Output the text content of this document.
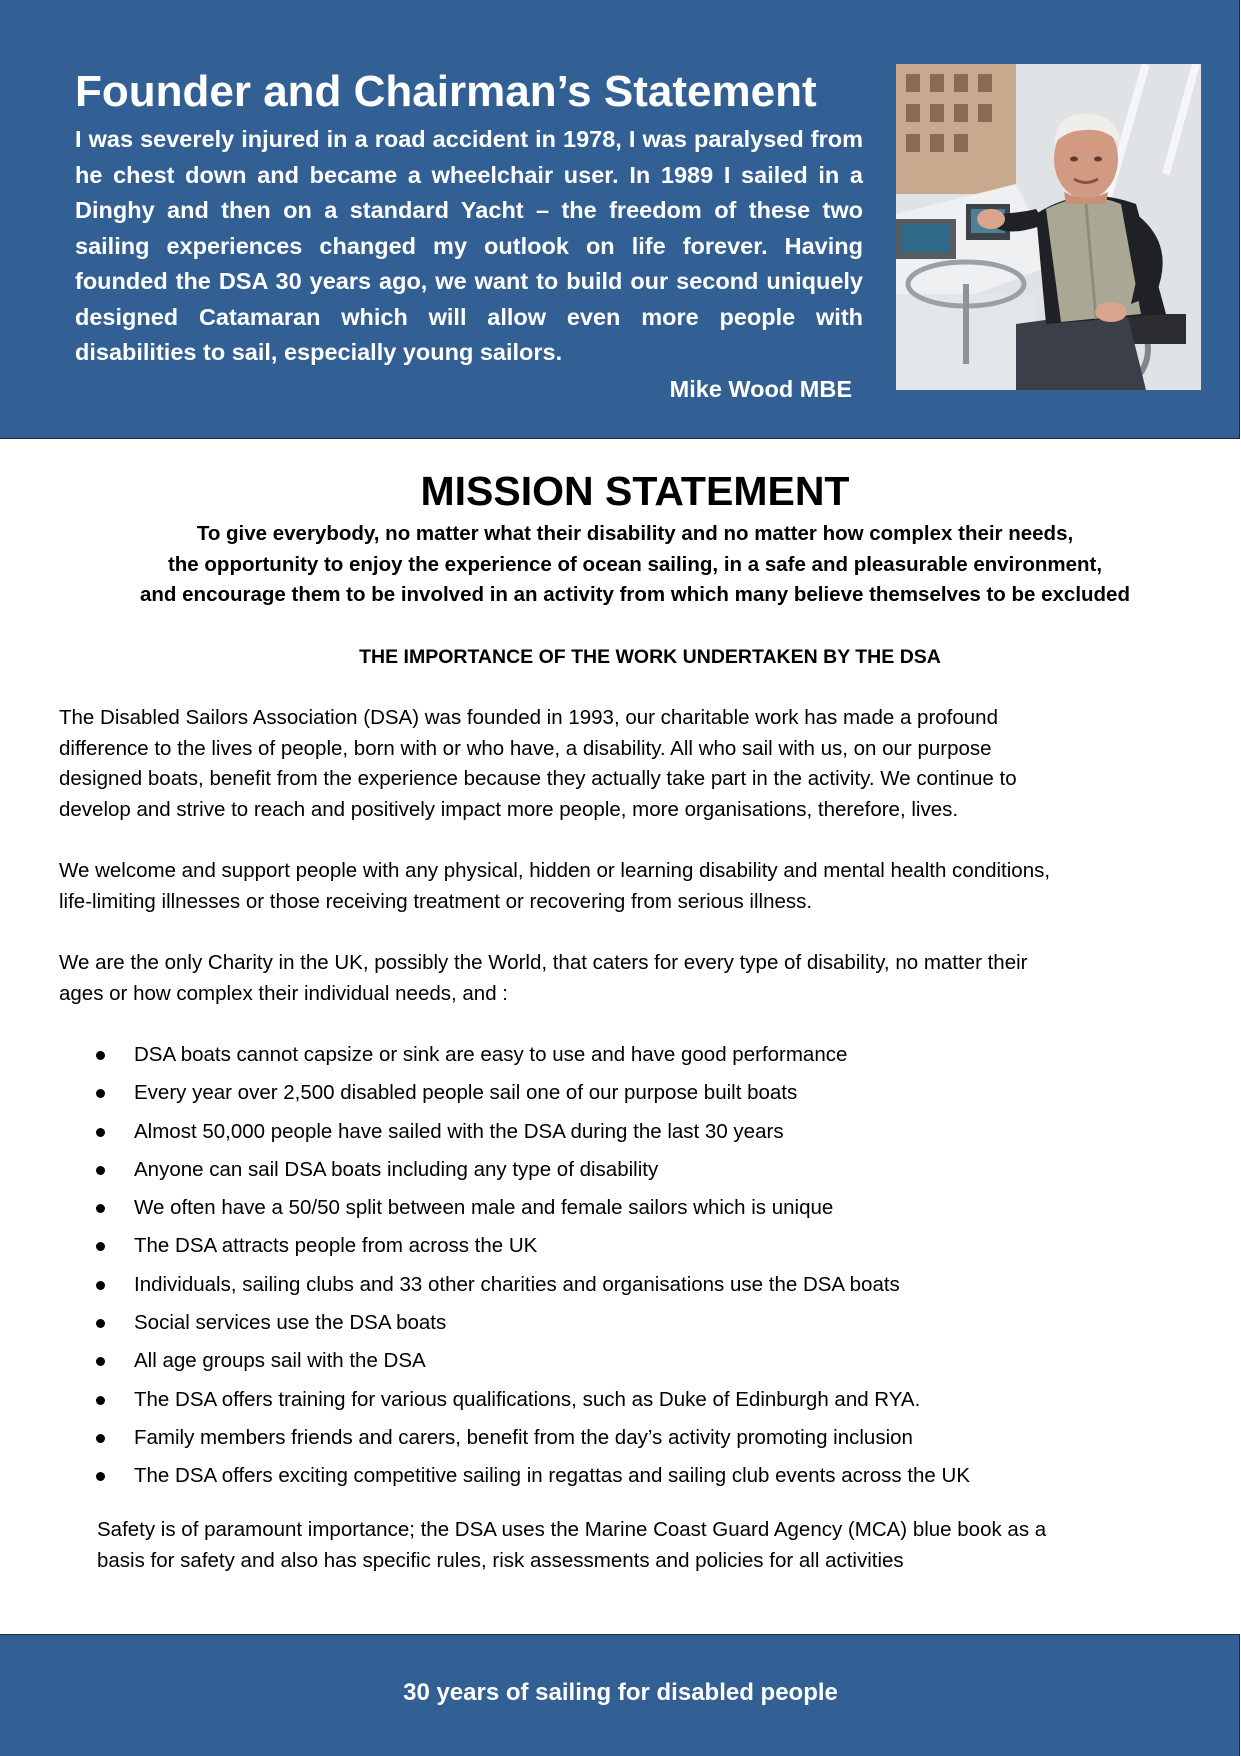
Founder and Chairman’s Statement

I was severely injured in a road accident in 1978, I was paralysed from he chest down and became a wheelchair user. In 1989 I sailed in a Dinghy and then on a standard Yacht – the freedom of these two sailing experiences changed my outlook on life forever. Having founded the DSA 30 years ago, we want to build our second uniquely designed Catamaran which will allow even more people with disabilities to sail, especially young sailors.

Mike Wood MBE
MISSION STATEMENT

To give everybody, no matter what their disability and no matter how complex their needs,
the opportunity to enjoy the experience of ocean sailing, in a safe and pleasurable environment,
and encourage them to be involved in an activity from which many believe themselves to be excluded

THE IMPORTANCE OF THE WORK UNDERTAKEN BY THE DSA

The Disabled Sailors Association (DSA) was founded in 1993, our charitable work has made a profound
difference to the lives of people, born with or who have, a disability. All who sail with us, on our purpose
designed boats, benefit from the experience because they actually take part in the activity. We continue to
develop and strive to reach and positively impact more people, more organisations, therefore, lives.

We welcome and support people with any physical, hidden or learning disability and mental health conditions,
life-limiting illnesses or those receiving treatment or recovering from serious illness.

We are the only Charity in the UK, possibly the World, that caters for every type of disability, no matter their
ages or how complex their individual needs, and :

DSA boats cannot capsize or sink are easy to use and have good performance
Every year over 2,500 disabled people sail one of our purpose built boats
Almost 50,000 people have sailed with the DSA during the last 30 years
Anyone can sail DSA boats including any type of disability
We often have a 50/50 split between male and female sailors which is unique
The DSA attracts people from across the UK
Individuals, sailing clubs and 33 other charities and organisations use the DSA boats
Social services use the DSA boats
All age groups sail with the DSA
The DSA offers training for various qualifications, such as Duke of Edinburgh and RYA.
Family members friends and carers, benefit from the day’s activity promoting inclusion
The DSA offers exciting competitive sailing in regattas and sailing club events across the UK

Safety is of paramount importance; the DSA uses the Marine Coast Guard Agency (MCA) blue book as a
basis for safety and also has specific rules, risk assessments and policies for all activities

30 years of sailing for disabled people
